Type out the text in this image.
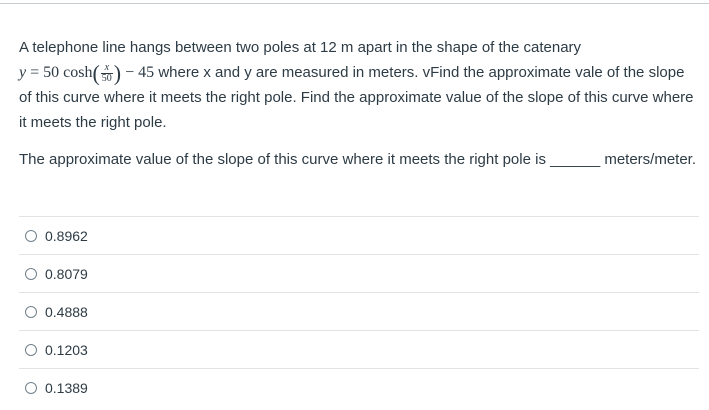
A telephone line hangs between two poles at 12 m apart in the shape of the catenary
y = 50 $\cosh( \frac{x}{50}$ ) − 45 where x and y are measured in meters. vFind the approximate vale of the slope of this curve where it meets the right pole. Find the approximate value of the slope of this curve where it meets the right pole.

The approximate value of the slope of this curve where it meets the right pole is ______ meters/meter.

0.8962
0.8079
0.4888
0.1203
0.1389
